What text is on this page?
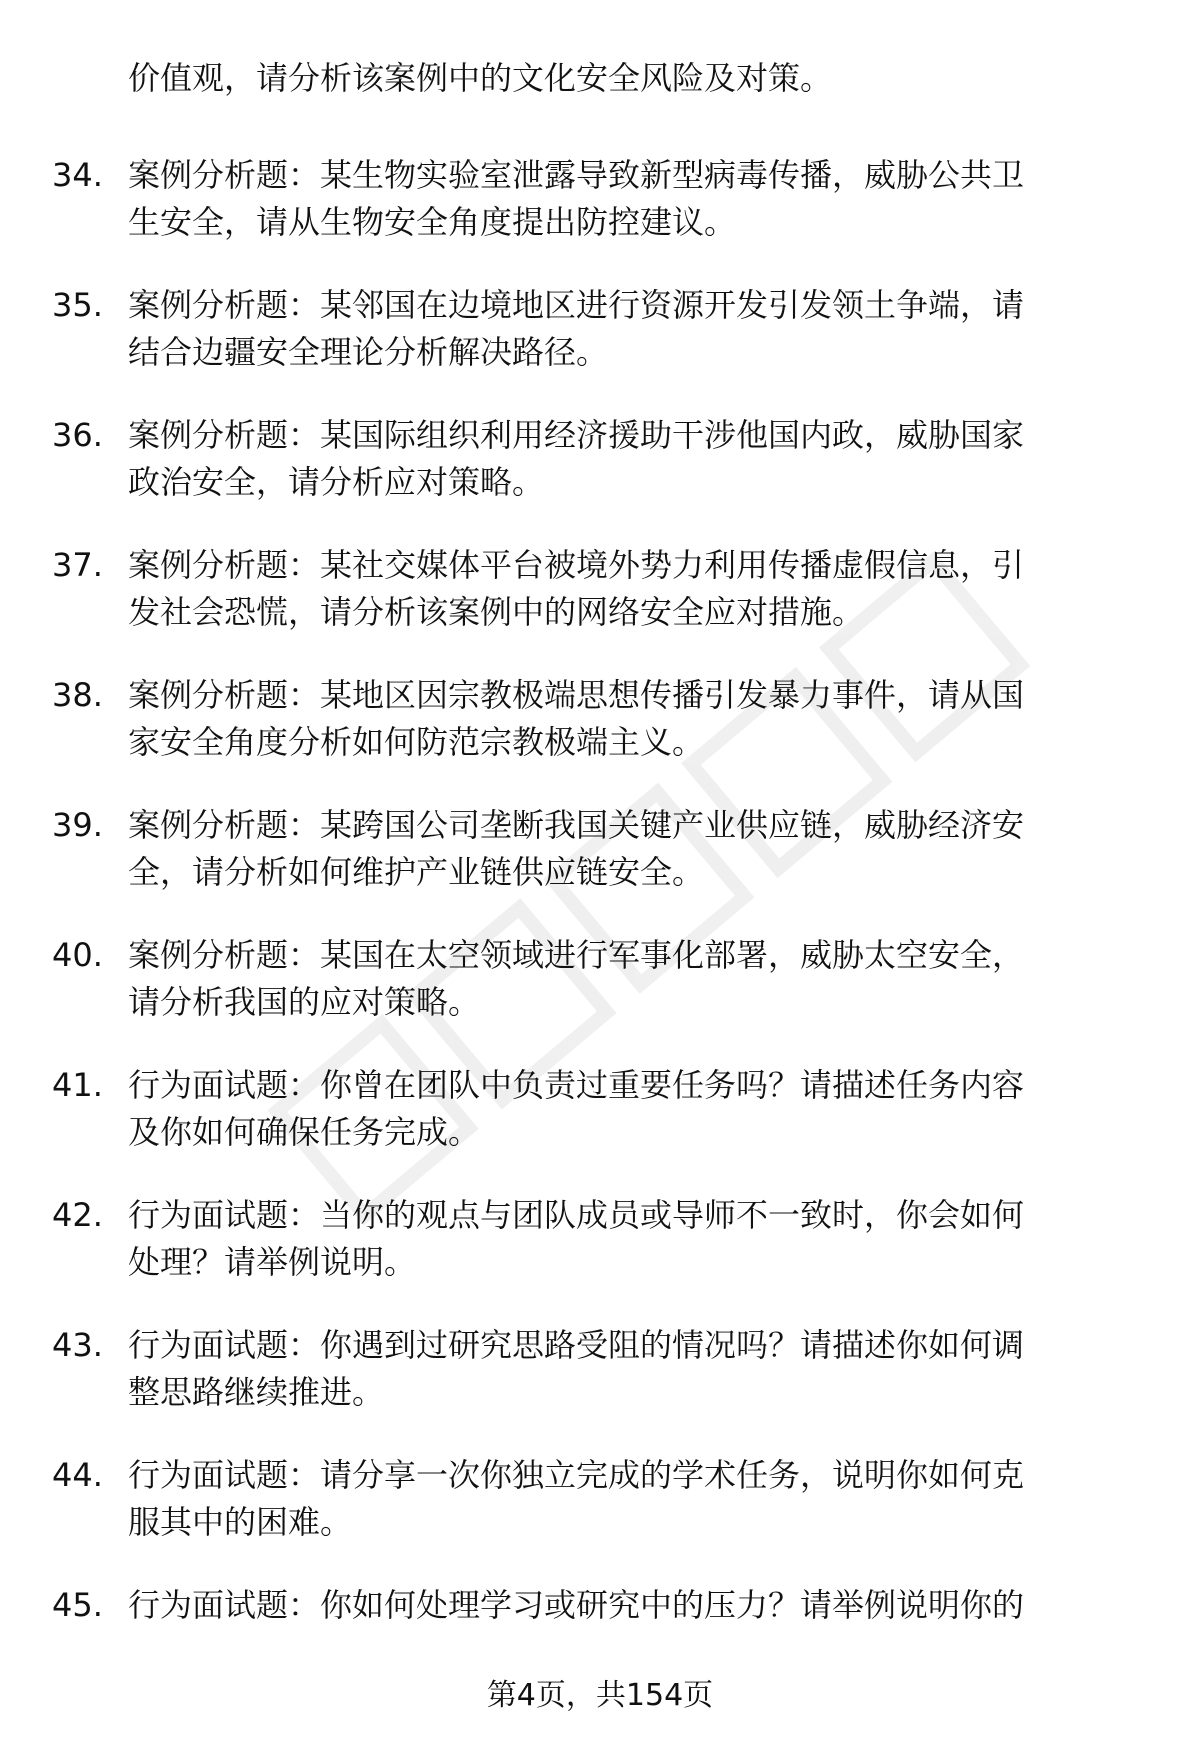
价值观，请分析该案例中的文化安全风险及对策。
34. 案例分析题：某生物实验室泄露导致新型病毒传播，威胁公共卫
生安全，请从生物安全角度提出防控建议。
35. 案例分析题：某邻国在边境地区进行资源开发引发领土争端，请
结合边疆安全理论分析解决路径。
36. 案例分析题：某国际组织利用经济援助干涉他国内政，威胁国家
政治安全，请分析应对策略。
37. 案例分析题：某社交媒体平台被境外势力利用传播虚假信息，引
发社会恐慌，请分析该案例中的网络安全应对措施。
38. 案例分析题：某地区因宗教极端思想传播引发暴力事件，请从国
家安全角度分析如何防范宗教极端主义。
39. 案例分析题：某跨国公司垄断我国关键产业供应链，威胁经济安
全，请分析如何维护产业链供应链安全。
40. 案例分析题：某国在太空领域进行军事化部署，威胁太空安全，
请分析我国的应对策略。
41. 行为面试题：你曾在团队中负责过重要任务吗？请描述任务内容
及你如何确保任务完成。
42. 行为面试题：当你的观点与团队成员或导师不一致时，你会如何
处理？请举例说明。
43. 行为面试题：你遇到过研究思路受阻的情况吗？请描述你如何调
整思路继续推进。
44. 行为面试题：请分享一次你独立完成的学术任务，说明你如何克
服其中的困难。
45. 行为面试题：你如何处理学习或研究中的压力？请举例说明你的
第4页，共154页
